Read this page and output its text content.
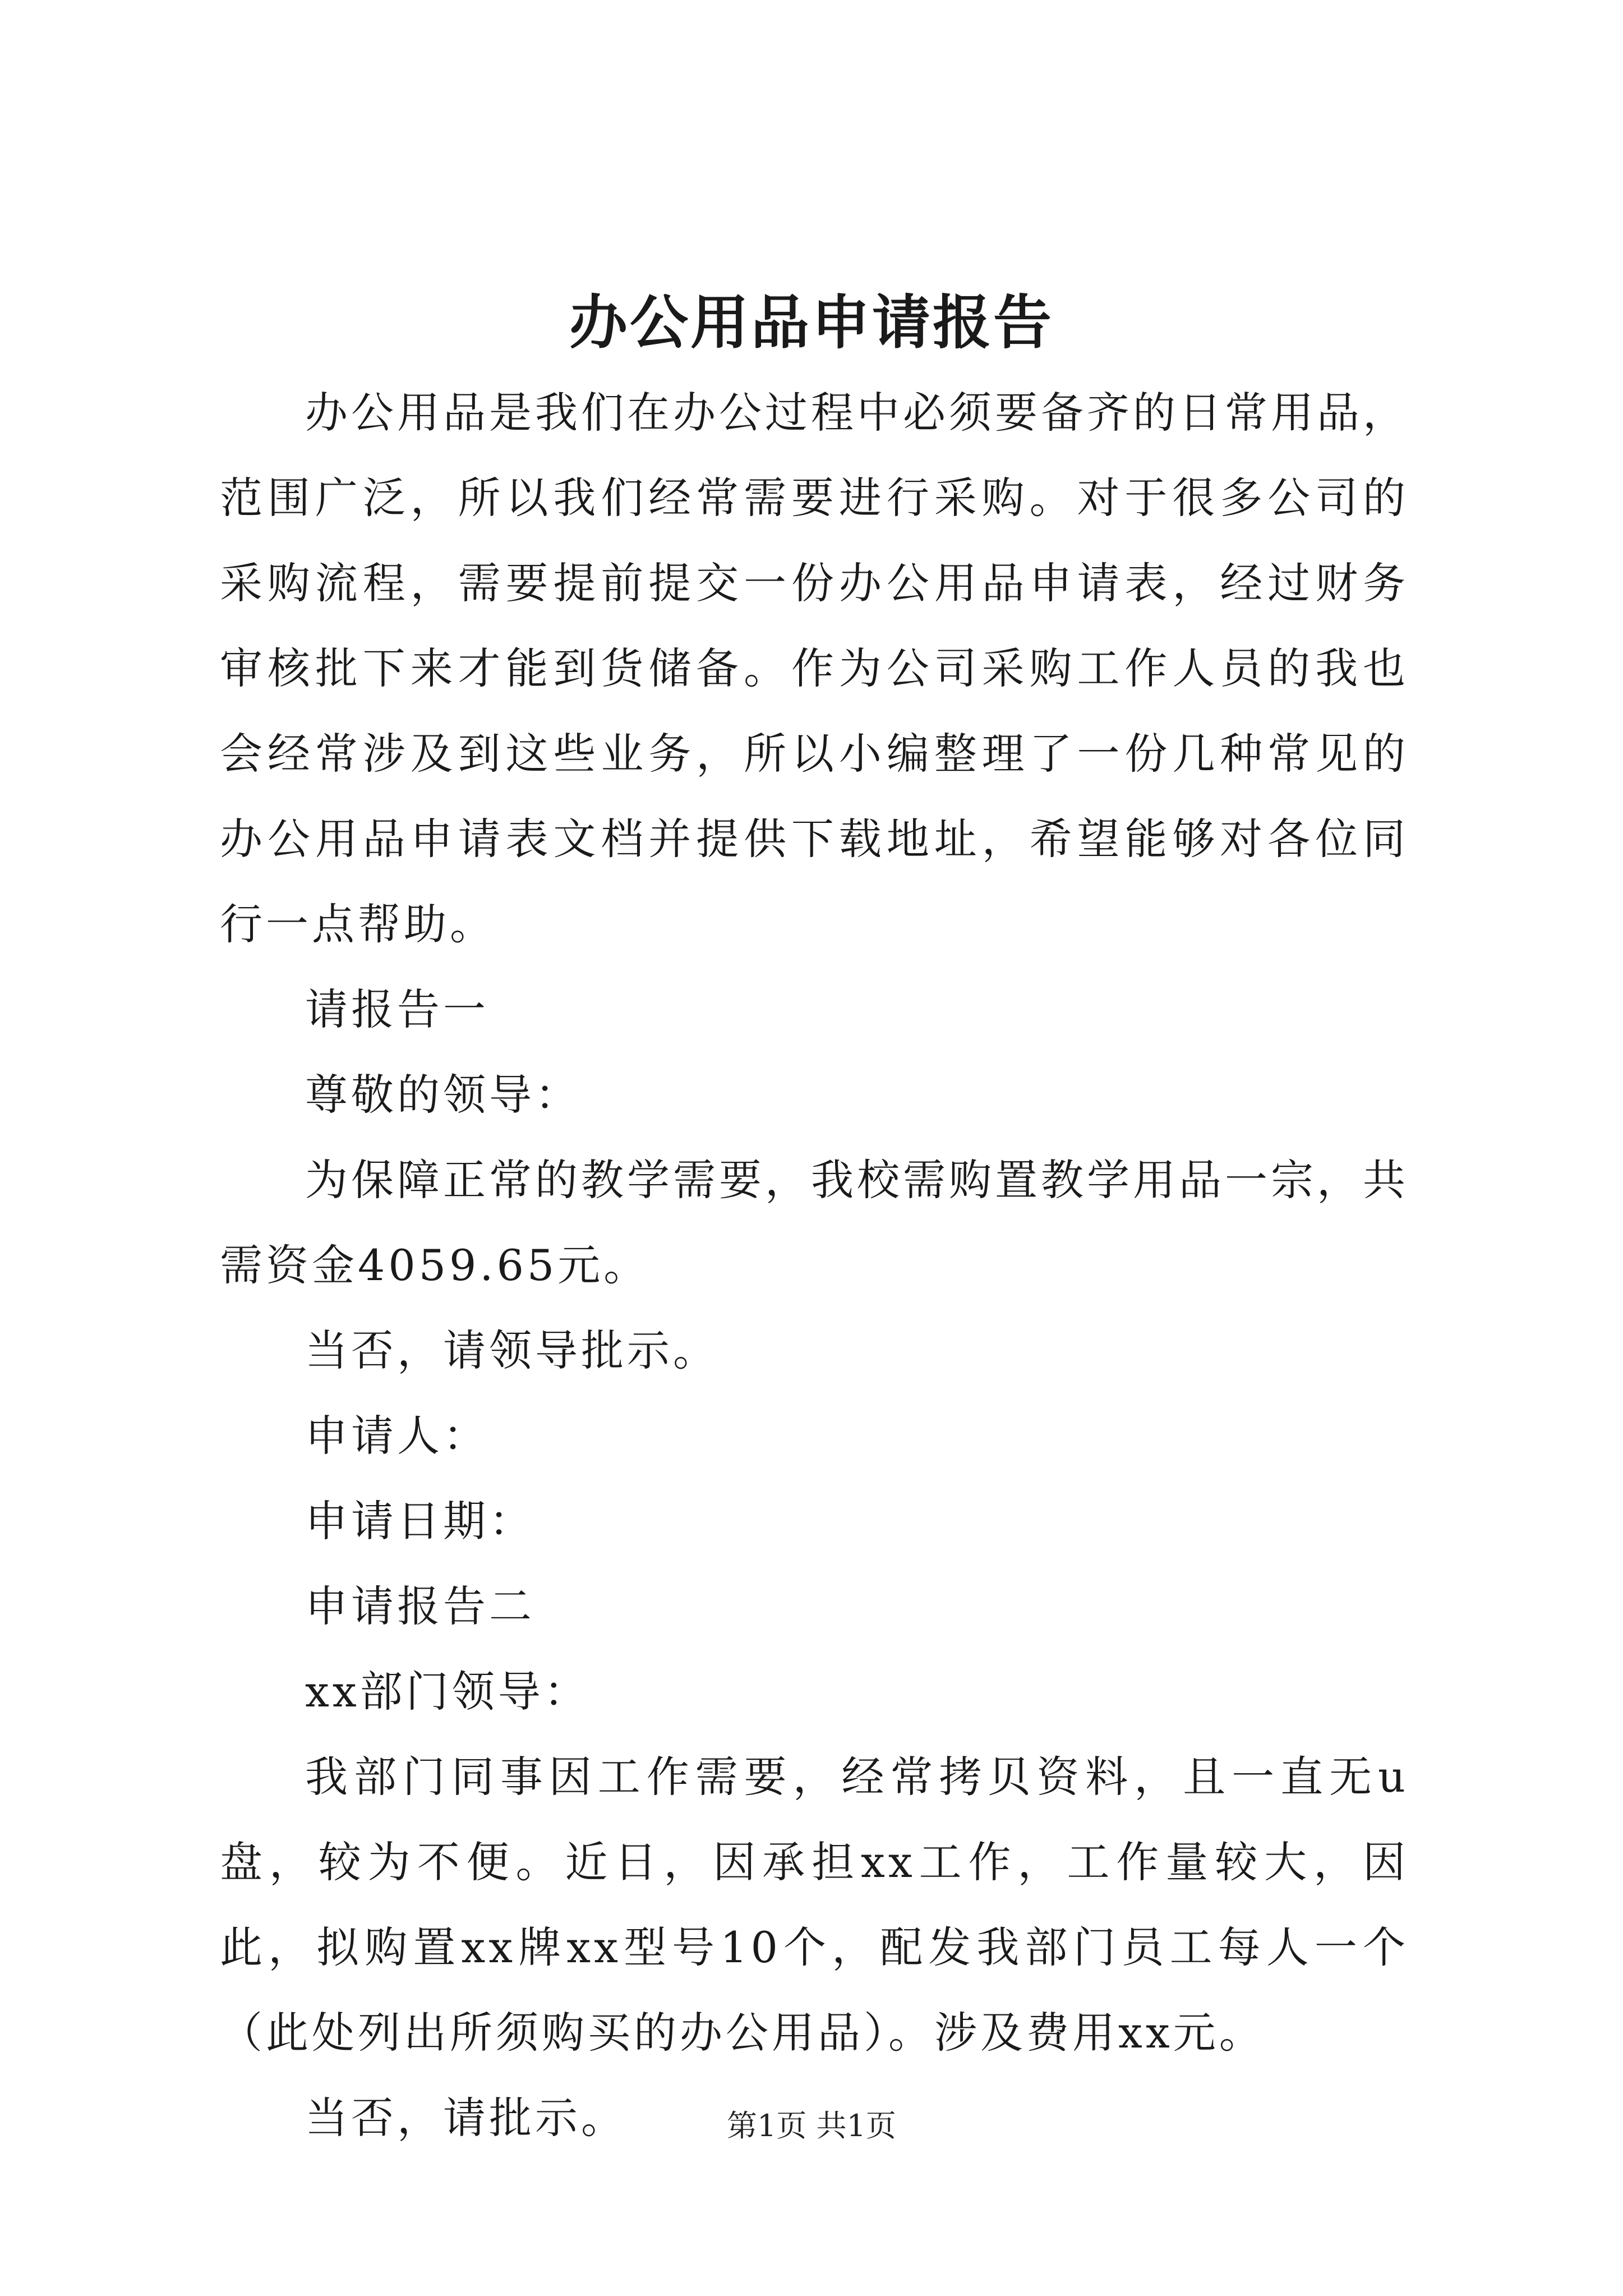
办公用品申请报告

办公用品是我们在办公过程中必须要备齐的日常用品，范围广泛，所以我们经常需要进行采购。对于很多公司的采购流程，需要提前提交一份办公用品申请表，经过财务审核批下来才能到货储备。作为公司采购工作人员的我也会经常涉及到这些业务，所以小编整理了一份几种常见的办公用品申请表文档并提供下载地址，希望能够对各位同行一点帮助。

请报告一

尊敬的领导：

为保障正常的教学需要，我校需购置教学用品一宗，共需资金4059.65元。

当否，请领导批示。

申请人：

申请日期：

申请报告二

xx部门领导：

我部门同事因工作需要，经常拷贝资料，且一直无u盘，较为不便。近日，因承担xx工作，工作量较大，因此，拟购置xx牌xx型号10个，配发我部门员工每人一个（此处列出所须购买的办公用品）。涉及费用xx元。

当否，请批示。	第1页 共1页
